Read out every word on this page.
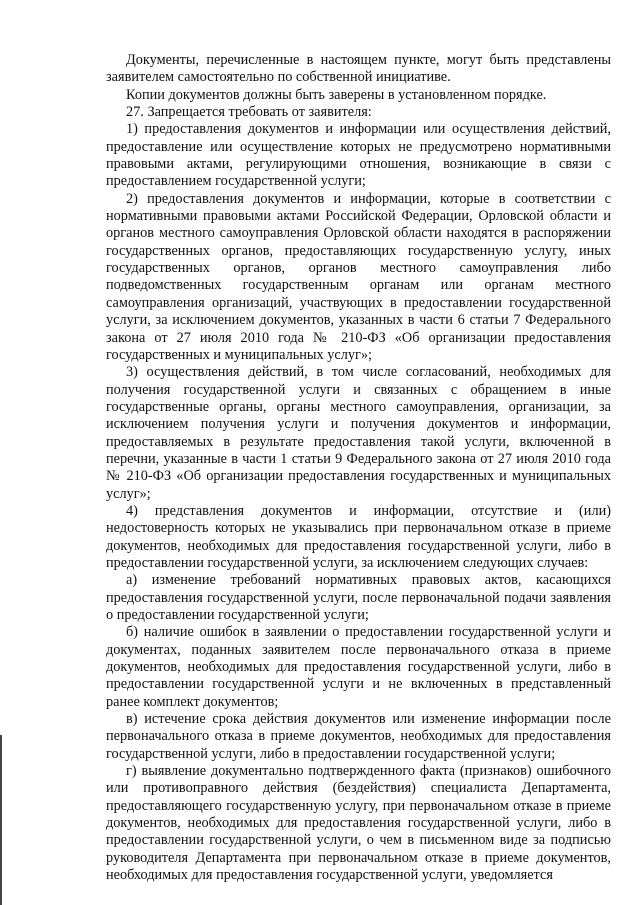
Документы, перечисленные в настоящем пункте, могут быть представлены заявителем самостоятельно по собственной инициативе.

Копии документов должны быть заверены в установленном порядке.

27. Запрещается требовать от заявителя:

1) предоставления документов и информации или осуществления действий, предоставление или осуществление которых не предусмотрено нормативными правовыми актами, регулирующими отношения, возникающие в связи с предоставлением государственной услуги;

2) предоставления документов и информации, которые в соответствии с нормативными правовыми актами Российской Федерации, Орловской области и органов местного самоуправления Орловской области находятся в распоряжении государственных органов, предоставляющих государственную услугу, иных государственных органов, органов местного самоуправления либо подведомственных государственным органам или органам местного самоуправления организаций, участвующих в предоставлении государственной услуги, за исключением документов, указанных в части 6 статьи 7 Федерального закона от 27 июля 2010 года № 210-ФЗ «Об организации предоставления государственных и муниципальных услуг»;

3) осуществления действий, в том числе согласований, необходимых для получения государственной услуги и связанных с обращением в иные государственные органы, органы местного самоуправления, организации, за исключением получения услуги и получения документов и информации, предоставляемых в результате предоставления такой услуги, включенной в перечни, указанные в части 1 статьи 9 Федерального закона от 27 июля 2010 года № 210-ФЗ «Об организации предоставления государственных и муниципальных услуг»;

4) представления документов и информации, отсутствие и (или) недостоверность которых не указывались при первоначальном отказе в приеме документов, необходимых для предоставления государственной услуги, либо в предоставлении государственной услуги, за исключением следующих случаев:

а) изменение требований нормативных правовых актов, касающихся предоставления государственной услуги, после первоначальной подачи заявления о предоставлении государственной услуги;

б) наличие ошибок в заявлении о предоставлении государственной услуги и документах, поданных заявителем после первоначального отказа в приеме документов, необходимых для предоставления государственной услуги, либо в предоставлении государственной услуги и не включенных в представленный ранее комплект документов;

в) истечение срока действия документов или изменение информации после первоначального отказа в приеме документов, необходимых для предоставления государственной услуги, либо в предоставлении государственной услуги;

г) выявление документально подтвержденного факта (признаков) ошибочного или противоправного действия (бездействия) специалиста Департамента, предоставляющего государственную услугу, при первоначальном отказе в приеме документов, необходимых для предоставления государственной услуги, либо в предоставлении государственной услуги, о чем в письменном виде за подписью руководителя Департамента при первоначальном отказе в приеме документов, необходимых для предоставления государственной услуги, уведомляется
